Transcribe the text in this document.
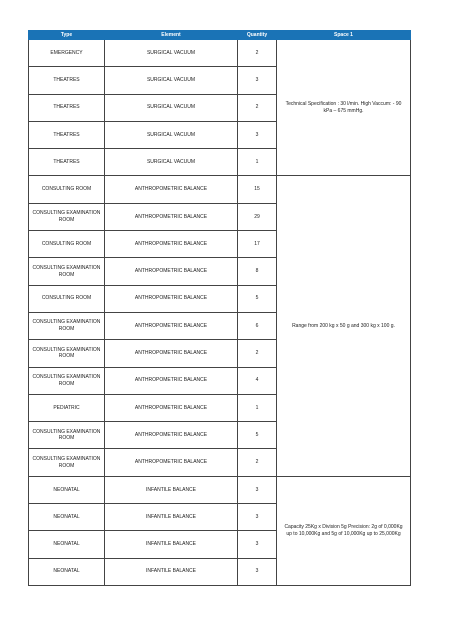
Type	Element	Quantity	Space 1
EMERGENCY	SURGICAL VACUUM	2	Technical Specification : 30 l/min. High Vaccum: - 90 kPa – 675 mmHg.
THEATRES	SURGICAL VACUUM	3	
THEATRES	SURGICAL VACUUM	2	
THEATRES	SURGICAL VACUUM	3	
THEATRES	SURGICAL VACUUM	1	
CONSULTING ROOM	ANTHROPOMETRIC BALANCE	15	Range from 200 kg x 50 g and 300 kg x 100 g.
CONSULTING EXAMINATION ROOM	ANTHROPOMETRIC BALANCE	29	
CONSULTING ROOM	ANTHROPOMETRIC BALANCE	17	
CONSULTING EXAMINATION ROOM	ANTHROPOMETRIC BALANCE	8	
CONSULTING ROOM	ANTHROPOMETRIC BALANCE	5	
CONSULTING EXAMINATION ROOM	ANTHROPOMETRIC BALANCE	6	
CONSULTING EXAMINATION ROOM	ANTHROPOMETRIC BALANCE	2	
CONSULTING EXAMINATION ROOM	ANTHROPOMETRIC BALANCE	4	
PEDIATRIC	ANTHROPOMETRIC BALANCE	1	
CONSULTING EXAMINATION ROOM	ANTHROPOMETRIC BALANCE	5	
CONSULTING EXAMINATION ROOM	ANTHROPOMETRIC BALANCE	2	
NEONATAL	INFANTILE BALANCE	3	Capacity 25Kg x Division 5g Precision: 2g of 0,000Kg up to 10,000Kg and 5g of 10,000Kg up to 25,000Kg
NEONATAL	INFANTILE BALANCE	3	
NEONATAL	INFANTILE BALANCE	3	
NEONATAL	INFANTILE BALANCE	3	
